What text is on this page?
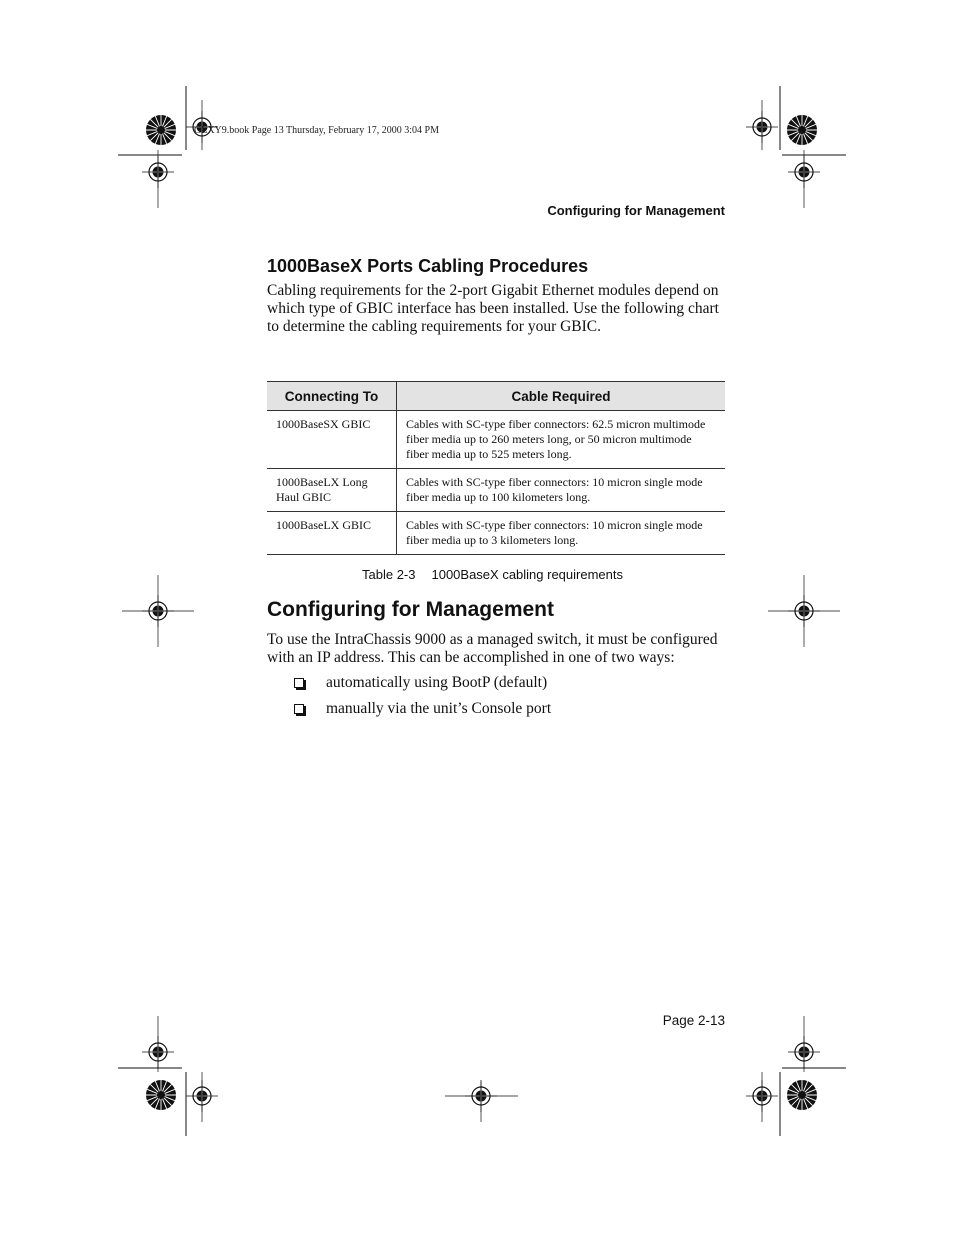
GLXY9.book Page 13 Thursday, February 17, 2000 3:04 PM
Configuring for Management
1000BaseX Ports Cabling Procedures

Cabling requirements for the 2-port Gigabit Ethernet modules depend on which type of GBIC interface has been installed. Use the following chart to determine the cabling requirements for your GBIC.

Connecting To	Cable Required
1000BaseSX GBIC	Cables with SC-type fiber connectors: 62.5 micron multimode fiber media up to 260 meters long, or 50 micron multimode fiber media up to 525 meters long.
1000BaseLX Long Haul GBIC	Cables with SC-type fiber connectors: 10 micron single mode fiber media up to 100 kilometers long.
1000BaseLX GBIC	Cables with SC-type fiber connectors: 10 micron single mode fiber media up to 3 kilometers long.
Table 2-3 1000BaseX cabling requirements
Configuring for Management

To use the IntraChassis 9000 as a managed switch, it must be configured with an IP address. This can be accomplished in one of two ways:

automatically using BootP (default)
manually via the unit’s Console port
Page 2-13
